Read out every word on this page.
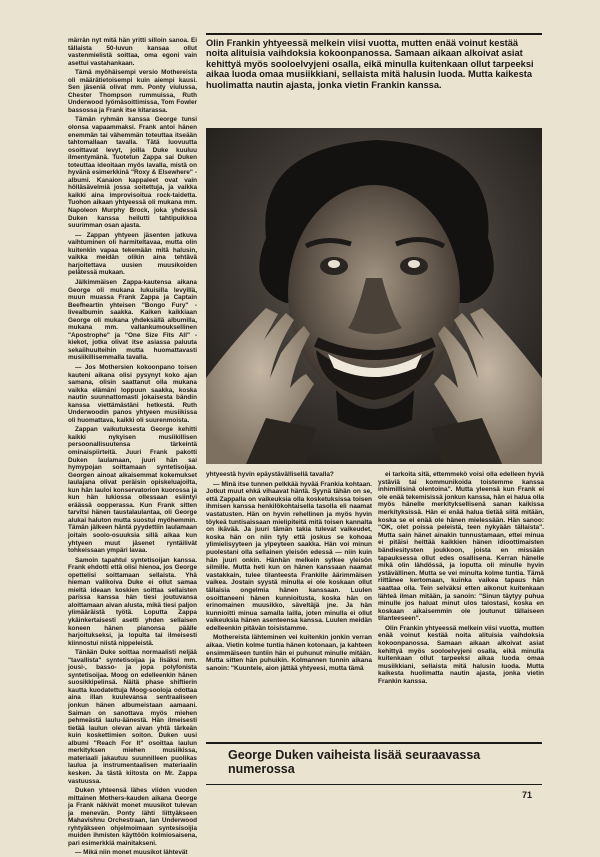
märrän nyt mitä hän yritti silloin sanoa. Ei tällaista 50-luvun kansaa ollut vastenmielistä soittaa, oma egoni vain asettui vastahankaan.

Tämä myöhäisempi versio Mothereista oli määrätietoisempi kuin aiempi kausi. Sen jäseniä olivat mm. Ponty viulussa, Chester Thompson rummuissa, Ruth Underwood lyömäsoittimissa, Tom Fowler bassossa ja Frank itse kitarassa.

Tämän ryhmän kanssa George tunsi olonsa vapaammaksi. Frank antoi hänen enemmän tai vähemmän toteuttaa itseään tahtomallaan tavalla. Tätä luovuutta osoittavat levyt, joilla Duke kuuluu ilmentymänä. Tuotetun Zappa sai Duken toteuttaa ideoitaan myös lavalla, mistä on hyvänä esimerkkinä "Roxy & Elsewhere" -albumi. Kanaion kappaleet ovat vain hölläsävelmiä jossa soitettuja, ja vaikka kaikki aina improvisoitua rock-taidetta. Tuohon aikaan yhtyeessä oli mukana mm. Napoleon Murphy Brock, joka yhdessä Duken kanssa heilutti tahtipuikkoa suurimman osan ajasta.

— Zappan yhtyeen jäsenten jatkuva vaihtuminen oli harmiteltavaa, mutta olin kuitenkin vapaa tekemään mitä halusin, vaikka meidän olikin aina tehtävä harjoitettava uusien muusikoiden pelätessä mukaan.

Jälkimmäisen Zappa-kautensa aikana George oli mukana lukuisilla levyillä, muun muassa Frank Zappa ja Captain Beefheartin yhteisen "Bongo Fury" -livealbumin saakka. Kaiken kaikkiaan George oli mukana yhdeksällä albumilla, mukana mm. vallankumouksellinen "Apostrophe" ja "One Size Fits All" -kiekot, jotka olivat itse asiassa paluuta sekaiihuulteihin mutta huomattavasti musiikillisemmalla tavalla.

— Jos Mothersien kokoonpano toisen kauteni aikana olisi pysynyt koko ajan samana, olisin saattanut olla mukana vaikka elämäni loppuun saakka, koska nautin suunnattomasti jokaisesta bändin kanssa viettämästäni hetkestä. Ruth Underwoodin panos yhtyeen musiikissa oli huomattava, kaikki oli suurenmoista.

Zappan vaikutuksesta George kehitti kaikki nykyisen musiikillisen persoonallisuutensa tärkeintä ominaispiirteitä. Juuri Frank pakotti Duken laulamaan, juuri hän sai hymypojan soittamaan syntetisoijaa. Georgen ainoat aikaisemmat kokemukset laulajana olivat peräisin opiskeluajoilta, kun hän lauloi konservatorion kuorossa ja kun hän lukiossa ollessaan esiintyi eräässä oopperassa. Kun Frank sitten tarvitsi hänen taustalaulantaa, oli George alukai haluton mutta suostui myöhemmin. Tämän jälkeen häntä pyydettiin laulamaan joitain soolo-osuuksia sillä aikaa kun yhtyeen muut jäsenet ryntäilivät tohkeissaan ympäri lavaa.

Samoin tapahtui syntetisoijan kanssa. Frank ehdotti että olisi hienoa, jos George opettelisi soittamaan sellaista. Yhä hieman valikoiva Duke ei ollut samaa mieltä ideaan koskien soittaa sellaisten parissa kanssa hän tiesi joutuvansa aloittamaan aivan alusta, mikä tiesi paljon ylimääräistä työtä. Loputta Zappa ykäinkertaisesti asetti yhden sellaisen koneen hänen pianonsa päälle harjoitukseksi, ja lopulta tai ilmeisesti kiinnostui niistä nippeleistä.

Tänään Duke soittaa normaalisti neljää "tavallista" syntetisoijaa ja lisäksi mm. jousi-, basso- ja jopa polyfonista syntetisoijaa. Moog on edelleenkin hänen suosikkipelinsä. Näitä phase shiftierin kautta kuodatettuja Moog-sooloja odottaa aina illan kuulevansa sentraaliseen jonkun hänen albumeistaan aamaani. Saiman on sanottava myös miehen pehmeästä laulu-äänestä. Hän ilmeisesti tietää laulun olevan aivan yhtä tärkeän kuin koskettimien soiton. Duken uusi albumi "Reach For It" osoittaa laulun merkityksen miehen musiikissa, materiaali jakautuu suunnilleen puolikas laulua ja instrumentaalisen materiaalin kesken. Ja tästä kiitosta on Mr. Zappa vastuussa.

Duken yhteensä lähes viiden vuoden mittainen Mothers-kauden aikana George ja Frank näkivät monet muusikot tulevan ja menevän. Ponty lähti liittyäkseen Mahavishnu Orchestraan, Ian Underwood ryhtyäkseen ohjelmoimaan syntesisoijia muiden ihmisten käyttöön kolmiosaisena, pari esimerkkiä mainitakseni.

— Mikä niin monet muusikot lähtevät

Olin Frankin yhtyeessä melkein viisi vuotta, mutten enää voinut kestää noita alituisia vaihdoksia kokoonpanossa. Samaan aikaan alkoivat asiat kehittyä myös sooloelvyjeni osalla, eikä minulla kuitenkaan ollut tarpeeksi aikaa luoda omaa musiikkiani, sellaista mitä halusin luoda. Mutta kaikesta huolimatta nautin ajasta, jonka vietin Frankin kanssa.

yhtyeestä hyvin epäystävällisellä tavalla?

— Minä itse tunnen pelkkää hyvää Frankia kohtaan. Jotkut muut ehkä vihaavat häntä. Syynä tähän on se, että Zappalla on vaikeuksia olla kosketuksissa toisen ihmisen kanssa henkilökohtaisella tasolla eli naamat vastatusten. Hän on hyvin rehellinen ja myös hyvin töykeä tuntisaissaan mielipiteitä mitä toisen kannalta on ikävää. Ja juuri tämän takia tulevat vaikeudet, koska hän on niin tyly että joskus se kohoaa ylimielisyyteen ja ylpeyteen saakka. Hän voi minun puolestani olla sellainen yleisön edessä — niin kuin hän juuri onkin. Hänhän melkein sylkee yleisön silmille. Mutta heti kun on hänen kanssaan naamat vastakkain, tulee tilanteesta Frankille äärimmäisen vaikea. Jostain syystä minulla ei ole koskaan ollut tällaisia ongelmia hänen kanssaan. Luulen osoittaneeni hänen kunnioitusta, koska hän on erinomainen muusikko, säveltäjä jne. Ja hän kunnioitti minua samalla lailla, joten minulla ei ollut vaikeuksia hänen asenteensa kanssa. Luulen meidän edelleenkin pitävän toisistamme.

Mothereista lähteminen vei kuitenkin jonkin verran aikaa. Vietin kolme tuntia hänen kotonaan, ja kahteen ensimmäiseen tuntiin hän ei puhunut minulle mitään. Mutta sitten hän puhuikin. Kolmannen tunnin aikana sanoin: "Kuuntele, aion jättää yhtyeesi, mutta tämä

ei tarkoita sitä, ettemmekö voisi olla edelleen hyviä ystäviä tai kommunikoida toistemme kanssa inhimillisinä olentoina". Mutta yleensä kun Frank ei ole enää tekemisissä jonkun kanssa, hän ei halua olla myös hänelle merkityksellisenä sanan kaikissa merkityksissä. Hän ei enää halua tietää siitä mitään, koska se ei enää ole hänen mielessään. Hän sanoo: "OK, olet poissa peleistä, teen nykyään tällaista". Mutta sain hänet ainakin tunnustamaan, ettei minua ei pitäisi heittää kaikkien hänen idioottimaisten bändiesitysten joukkoon, joista en missään tapauksessa ollut edes osallisena. Kerran hänelle mikä olin lähdössä, ja loputta oli minulle hyvin ystävällinen. Mutta se vei minulta kolme tuntia. Tämä riittänee kertomaan, kuinka vaikea tapaus hän saattaa olla. Tein selväksi etten aikonut kuitenkaan lähteä ilman mitään, ja sanoin: "Sinun täytyy puhua minulle jos haluat minut ulos talostasi, koska en koskaan aikaisemmin ole joutunut tällaiseen tilanteeseen".

Olin Frankin yhtyeessä melkein viisi vuotta, mutten enää voinut kestää noita alituisia vaihdoksia kokoonpanossa. Samaan aikaan alkoivat asiat kehittyä myös sooloelvyjeni osalla, eikä minulla kuitenkaan ollut tarpeeksi aikaa luoda omaa musiikkiani, sellaista mitä halusin luoda. Mutta kaikesta huolimatta nautin ajasta, jonka vietin Frankin kanssa.

George Duken vaiheista lisää seuraavassa numerossa
71
